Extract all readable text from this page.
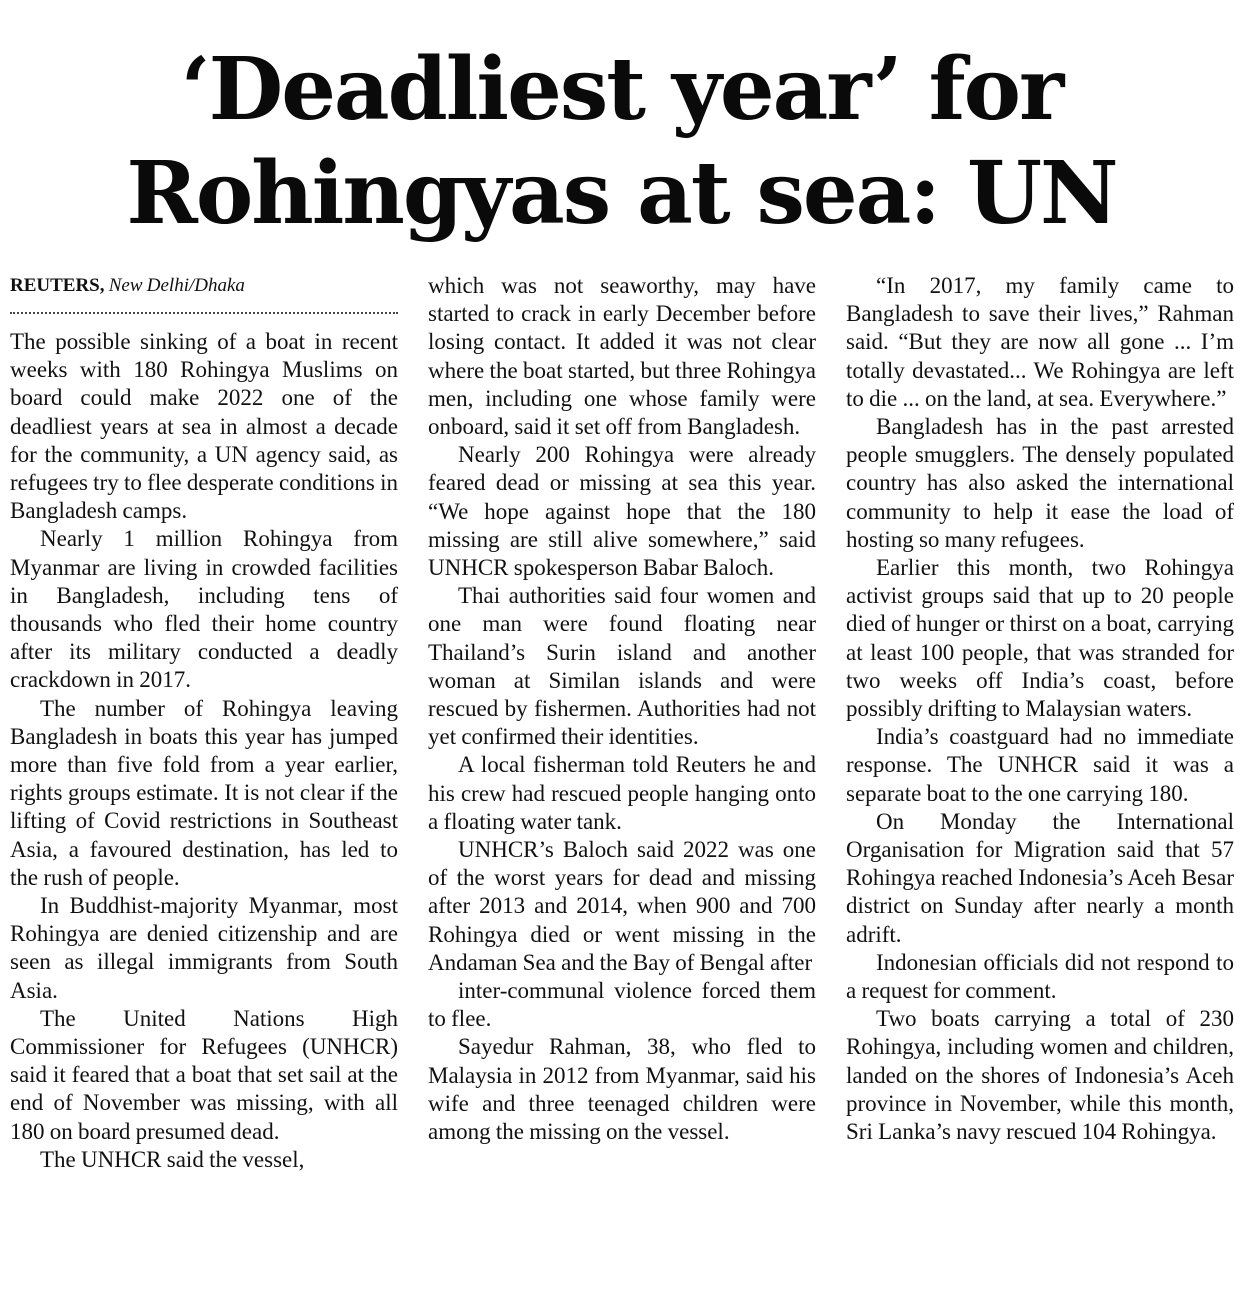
‘Deadliest year’ for
Rohingyas at sea: UN
REUTERS, New Delhi/Dhaka

The possible sinking of a boat in recent weeks with 180 Rohingya Muslims on board could make 2022 one of the deadliest years at sea in almost a decade for the community, a UN agency said, as refugees try to flee desperate conditions in Bangladesh camps.

Nearly 1 million Rohingya from Myanmar are living in crowded facilities in Bangladesh, including tens of thousands who fled their home country after its military conducted a deadly crackdown in 2017.

The number of Rohingya leaving Bangladesh in boats this year has jumped more than five fold from a year earlier, rights groups estimate. It is not clear if the lifting of Covid restrictions in Southeast Asia, a favoured destination, has led to the rush of people.

In Buddhist-majority Myanmar, most Rohingya are denied citizenship and are seen as illegal immigrants from South Asia.

The United Nations High Commissioner for Refugees (UNHCR) said it feared that a boat that set sail at the end of November was missing, with all 180 on board presumed dead.

The UNHCR said the vessel,

which was not seaworthy, may have started to crack in early December before losing contact. It added it was not clear where the boat started, but three Rohingya men, including one whose family were onboard, said it set off from Bangladesh.

Nearly 200 Rohingya were already feared dead or missing at sea this year. “We hope against hope that the 180 missing are still alive somewhere,” said UNHCR spokesperson Babar Baloch.

Thai authorities said four women and one man were found floating near Thailand’s Surin island and another woman at Similan islands and were rescued by fishermen. Authorities had not yet confirmed their identities.

A local fisherman told Reuters he and his crew had rescued people hanging onto a floating water tank.

UNHCR’s Baloch said 2022 was one of the worst years for dead and missing after 2013 and 2014, when 900 and 700 Rohingya died or went missing in the Andaman Sea and the Bay of Bengal after

inter-communal violence forced them to flee.

Sayedur Rahman, 38, who fled to Malaysia in 2012 from Myanmar, said his wife and three teenaged children were among the missing on the vessel.

“In 2017, my family came to Bangladesh to save their lives,” Rahman said. “But they are now all gone ... I’m totally devastated... We Rohingya are left to die ... on the land, at sea. Everywhere.”

Bangladesh has in the past arrested people smugglers. The densely populated country has also asked the international community to help it ease the load of hosting so many refugees.

Earlier this month, two Rohingya activist groups said that up to 20 people died of hunger or thirst on a boat, carrying at least 100 people, that was stranded for two weeks off India’s coast, before possibly drifting to Malaysian waters.

India’s coastguard had no immediate response. The UNHCR said it was a separate boat to the one carrying 180.

On Monday the International Organisation for Migration said that 57 Rohingya reached Indonesia’s Aceh Besar district on Sunday after nearly a month adrift.

Indonesian officials did not respond to a request for comment.

Two boats carrying a total of 230 Rohingya, including women and children, landed on the shores of Indonesia’s Aceh province in November, while this month, Sri Lanka’s navy rescued 104 Rohingya.
